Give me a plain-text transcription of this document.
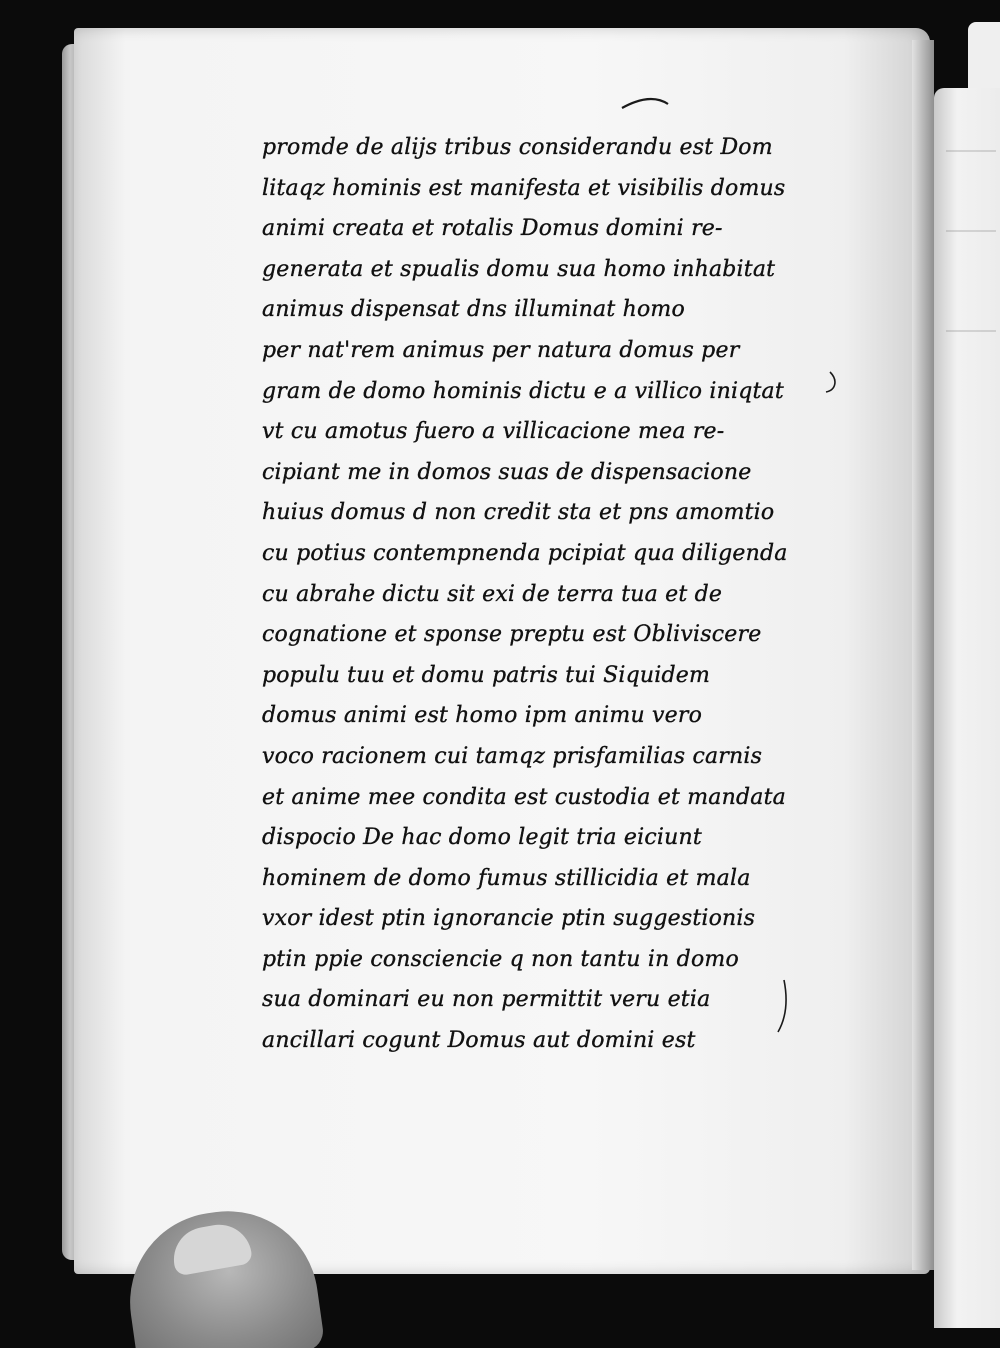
promde de alijs tribus considerandu est Dom
litaqz hominis est manifesta et visibilis domus
animi creata et rotalis Domus domini re-
generata et spualis domu sua homo inhabitat
animus dispensat dns illuminat homo
per nat'rem animus per natura domus per
gram de domo hominis dictu e a villico iniqtat
vt cu amotus fuero a villicacione mea re-
cipiant me in domos suas de dispensacione
huius domus d non credit sta et pns amomtio
cu potius contempnenda pcipiat qua diligenda
cu abrahe dictu sit exi de terra tua et de
cognatione et sponse preptu est Obliviscere
populu tuu et domu patris tui Siquidem
domus animi est homo ipm animu vero
voco racionem cui tamqz prisfamilias carnis
et anime mee condita est custodia et mandata
dispocio De hac domo legit tria eiciunt
hominem de domo fumus stillicidia et mala
vxor idest ptin ignorancie ptin suggestionis
ptin ppie consciencie q non tantu in domo
sua dominari eu non permittit veru etia
ancillari cogunt Domus aut domini est
